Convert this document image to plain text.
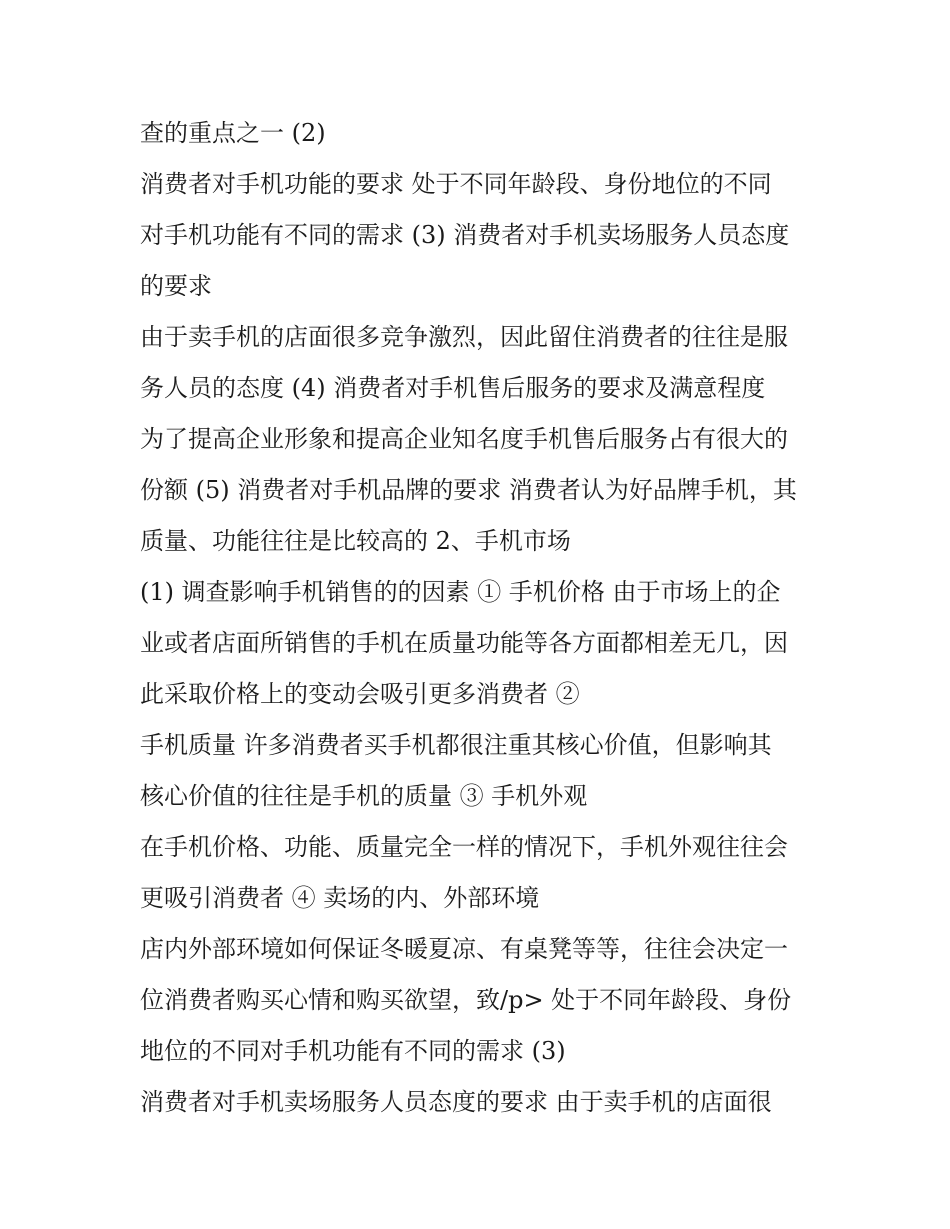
查的重点之一 (2)
消费者对手机功能的要求 处于不同年龄段、身份地位的不同
对手机功能有不同的需求 (3) 消费者对手机卖场服务人员态度
的要求
由于卖手机的店面很多竞争激烈，因此留住消费者的往往是服
务人员的态度 (4) 消费者对手机售后服务的要求及满意程度
为了提高企业形象和提高企业知名度手机售后服务占有很大的
份额 (5) 消费者对手机品牌的要求 消费者认为好品牌手机，其
质量、功能往往是比较高的 2、手机市场
(1) 调查影响手机销售的的因素 ① 手机价格 由于市场上的企
业或者店面所销售的手机在质量功能等各方面都相差无几，因
此采取价格上的变动会吸引更多消费者 ②
手机质量 许多消费者买手机都很注重其核心价值，但影响其
核心价值的往往是手机的质量 ③ 手机外观
在手机价格、功能、质量完全一样的情况下，手机外观往往会
更吸引消费者 ④ 卖场的内、外部环境
店内外部环境如何保证冬暖夏凉、有桌凳等等，往往会决定一
位消费者购买心情和购买欲望，致/p> 处于不同年龄段、身份
地位的不同对手机功能有不同的需求 (3)
消费者对手机卖场服务人员态度的要求 由于卖手机的店面很
